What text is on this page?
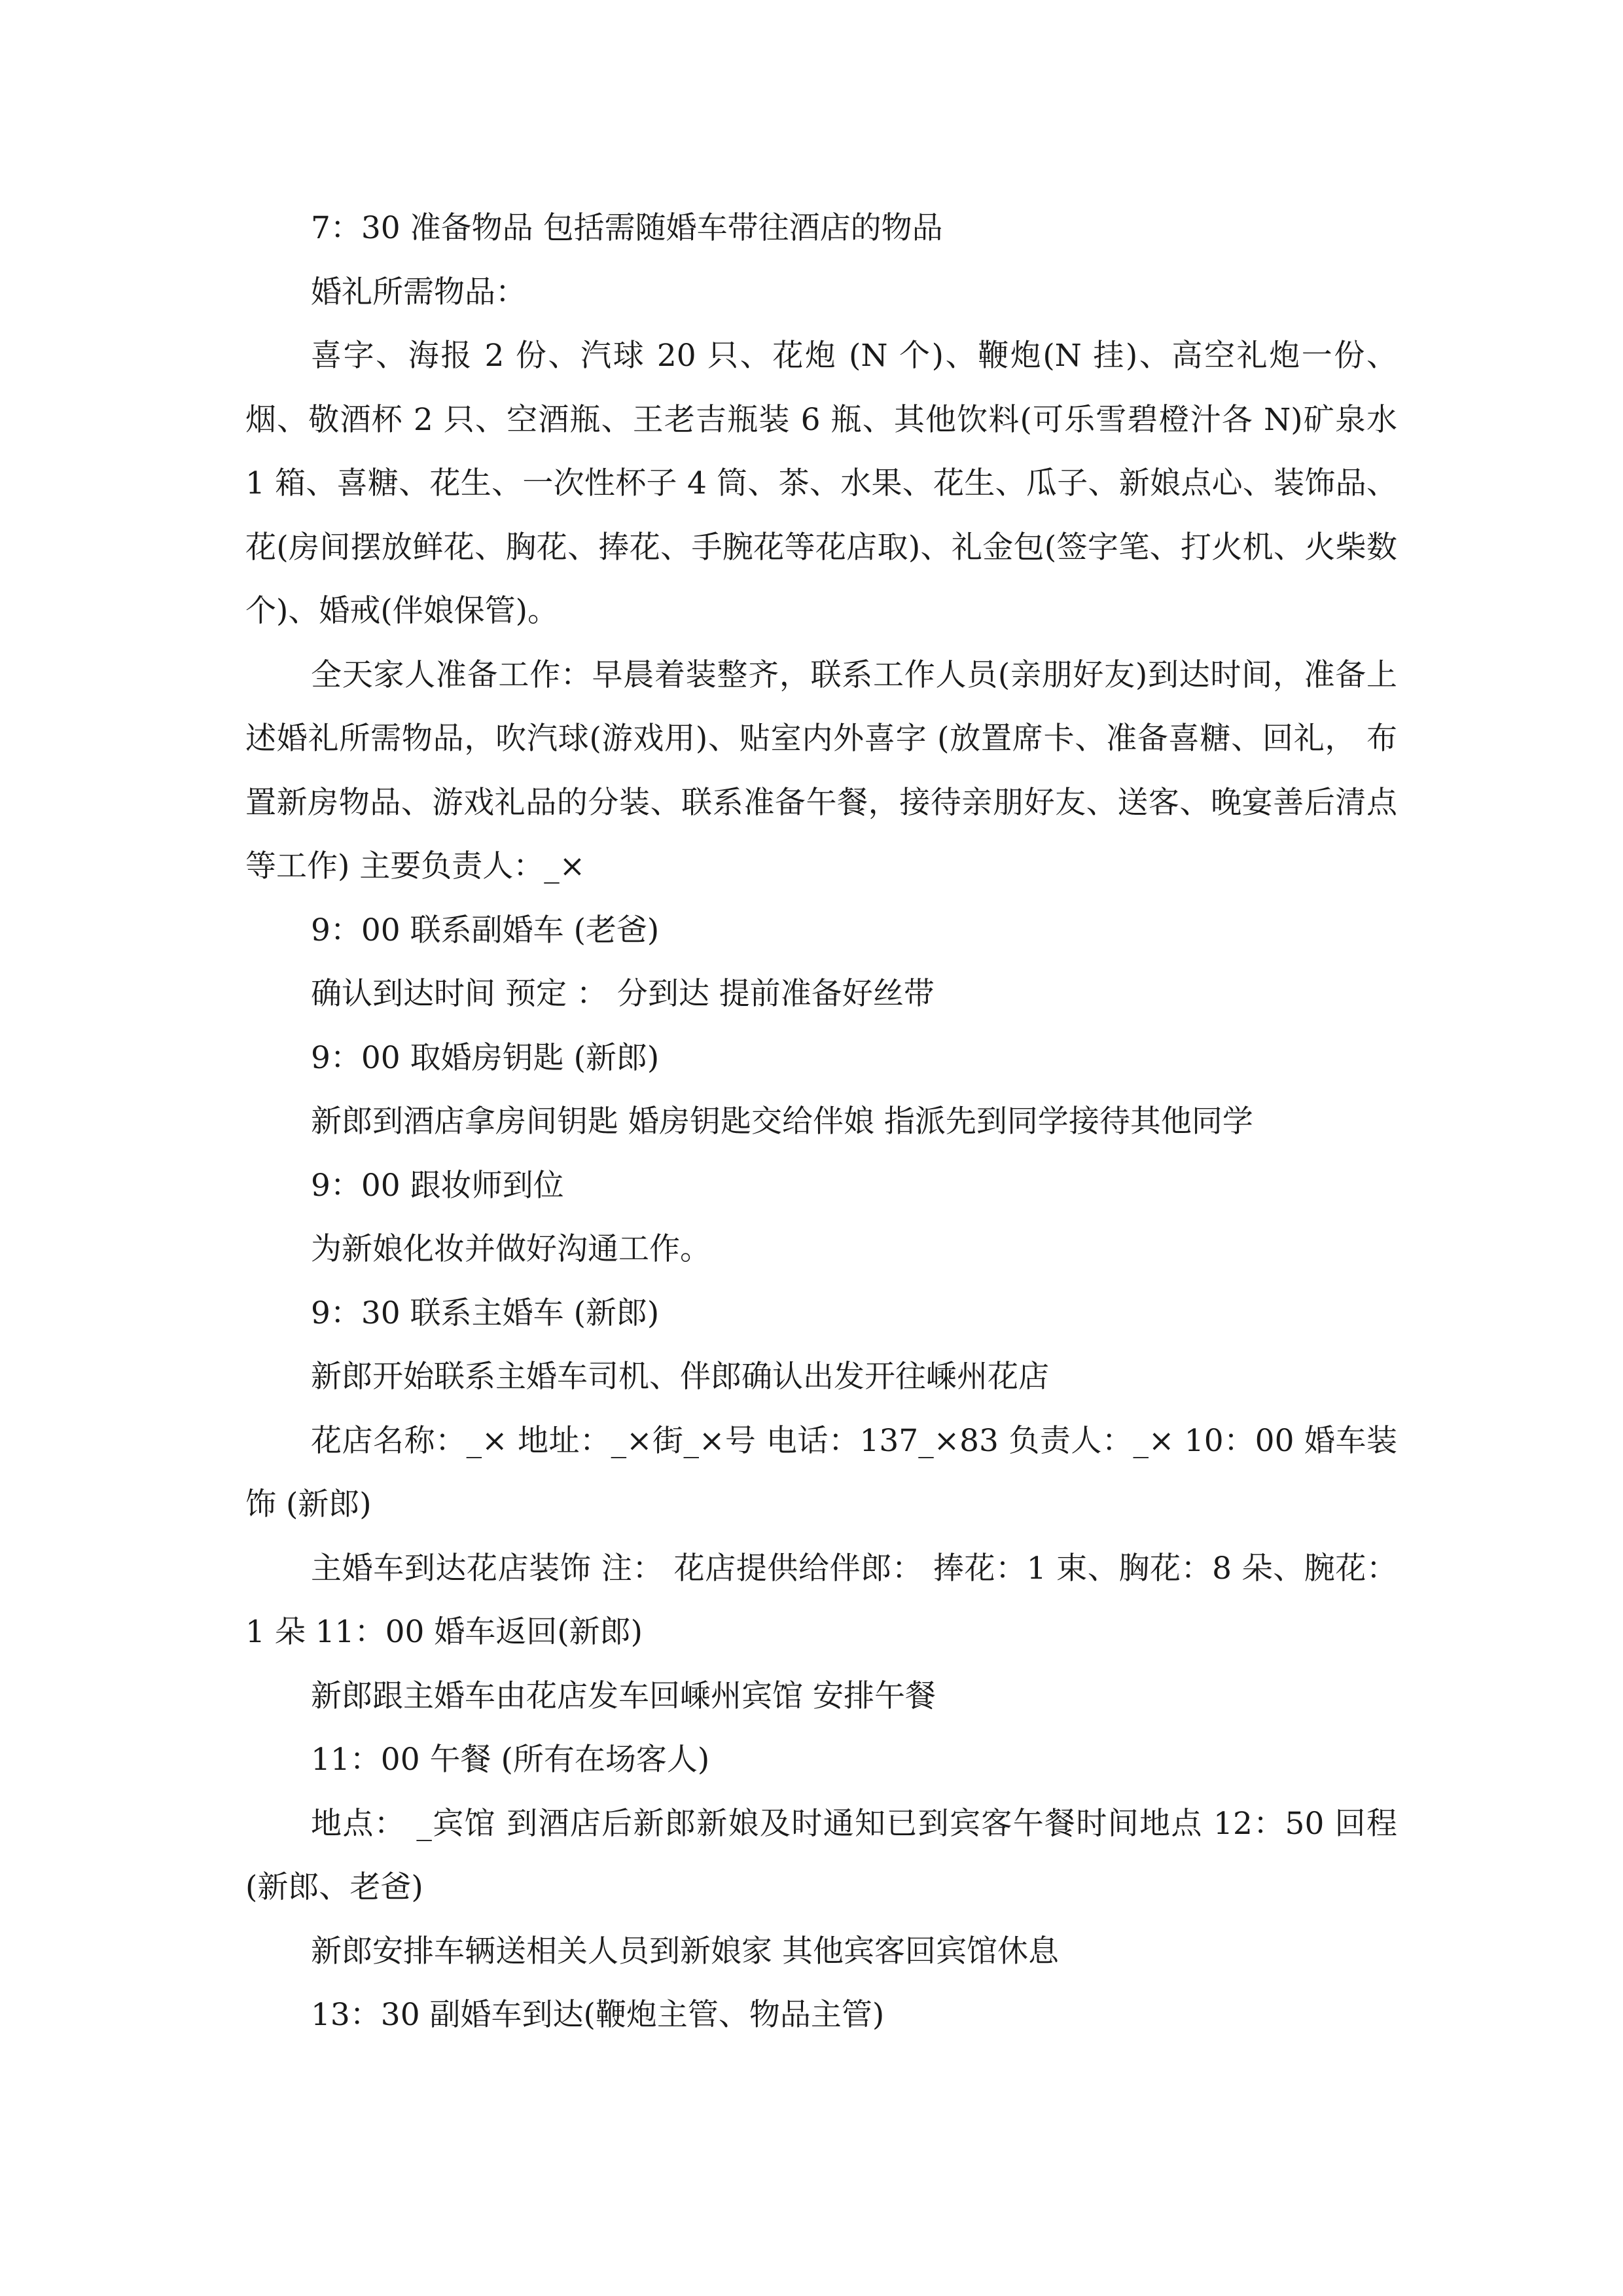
7：30 准备物品 包括需随婚车带往酒店的物品

婚礼所需物品：

喜字、海报 2 份、汽球 20 只、花炮 (N 个)、鞭炮(N 挂)、高空礼炮一份、烟、敬酒杯 2 只、空酒瓶、王老吉瓶装 6 瓶、其他饮料(可乐雪碧橙汁各 N)矿泉水 1 箱、喜糖、花生、一次性杯子 4 筒、茶、水果、花生、瓜子、新娘点心、装饰品、花(房间摆放鲜花、胸花、捧花、手腕花等花店取)、礼金包(签字笔、打火机、火柴数个)、婚戒(伴娘保管)。

全天家人准备工作：早晨着装整齐，联系工作人员(亲朋好友)到达时间，准备上述婚礼所需物品，吹汽球(游戏用)、贴室内外喜字 (放置席卡、准备喜糖、回礼， 布置新房物品、游戏礼品的分装、联系准备午餐，接待亲朋好友、送客、晚宴善后清点等工作) 主要负责人：_×

9：00 联系副婚车 (老爸)

确认到达时间 预定 ： 分到达 提前准备好丝带

9：00 取婚房钥匙 (新郎)

新郎到酒店拿房间钥匙 婚房钥匙交给伴娘 指派先到同学接待其他同学

9：00 跟妆师到位

为新娘化妆并做好沟通工作。

9：30 联系主婚车 (新郎)

新郎开始联系主婚车司机、伴郎确认出发开往嵊州花店

花店名称：_× 地址：_×街_×号 电话：137_×83 负责人：_× 10：00 婚车装饰 (新郎)

主婚车到达花店装饰 注： 花店提供给伴郎： 捧花：1 束、胸花：8 朵、腕花：1 朵 11：00 婚车返回(新郎)

新郎跟主婚车由花店发车回嵊州宾馆 安排午餐

11：00 午餐 (所有在场客人)

地点： _宾馆 到酒店后新郎新娘及时通知已到宾客午餐时间地点 12：50 回程(新郎、老爸)

新郎安排车辆送相关人员到新娘家 其他宾客回宾馆休息

13：30 副婚车到达(鞭炮主管、物品主管)
